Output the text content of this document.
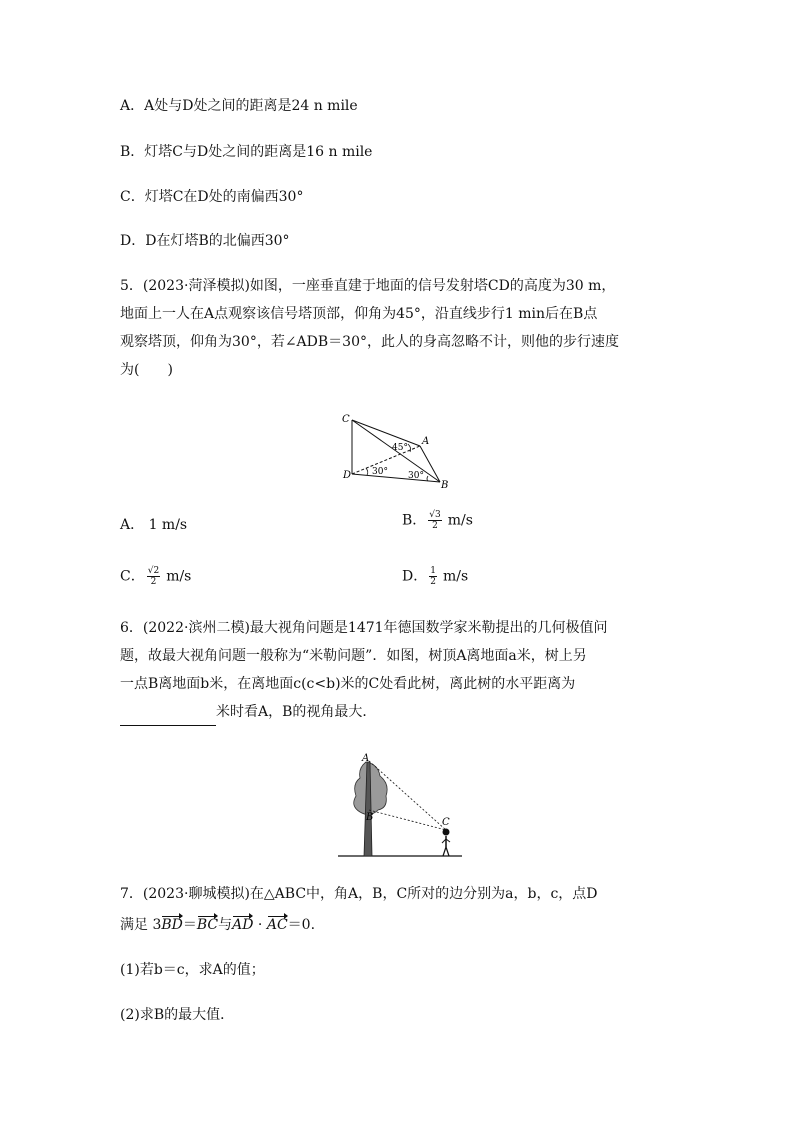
A．A处与D处之间的距离是24 n mile
B．灯塔C与D处之间的距离是16 n mile
C．灯塔C在D处的南偏西30°
D．D在灯塔B的北偏西30°

5．(2023·菏泽模拟)如图，一座垂直建于地面的信号发射塔CD的高度为30 m，

地面上一人在A点观察该信号塔顶部，仰角为45°，沿直线步行1 min后在B点

观察塔顶，仰角为30°，若∠ADB＝30°，此人的身高忽略不计，则他的步行速度

为(　　)

C
A
D
B
45°
30° 30°
A． 1 m/s	B． $\frac{√3}{2} m/s$
C． $\frac{√2}{2} m/s$	D． $\frac{1}{2} m/s$

6．(2022·滨州二模)最大视角问题是1471年德国数学家米勒提出的几何极值问

题，故最大视角问题一般称为“米勒问题”．如图，树顶A离地面a米，树上另

一点B离地面b米，在离地面c(c<b)米的C处看此树，离此树的水平距离为

米时看A，B的视角最大．

A
B	C
7．(2023·聊城模拟)在△ABC中，角A，B，C所对的边分别为a，b，c，点D
满足 3BD＝BC与AD · AC＝0.
(1)若b＝c，求A的值；
(2)求B的最大值．
